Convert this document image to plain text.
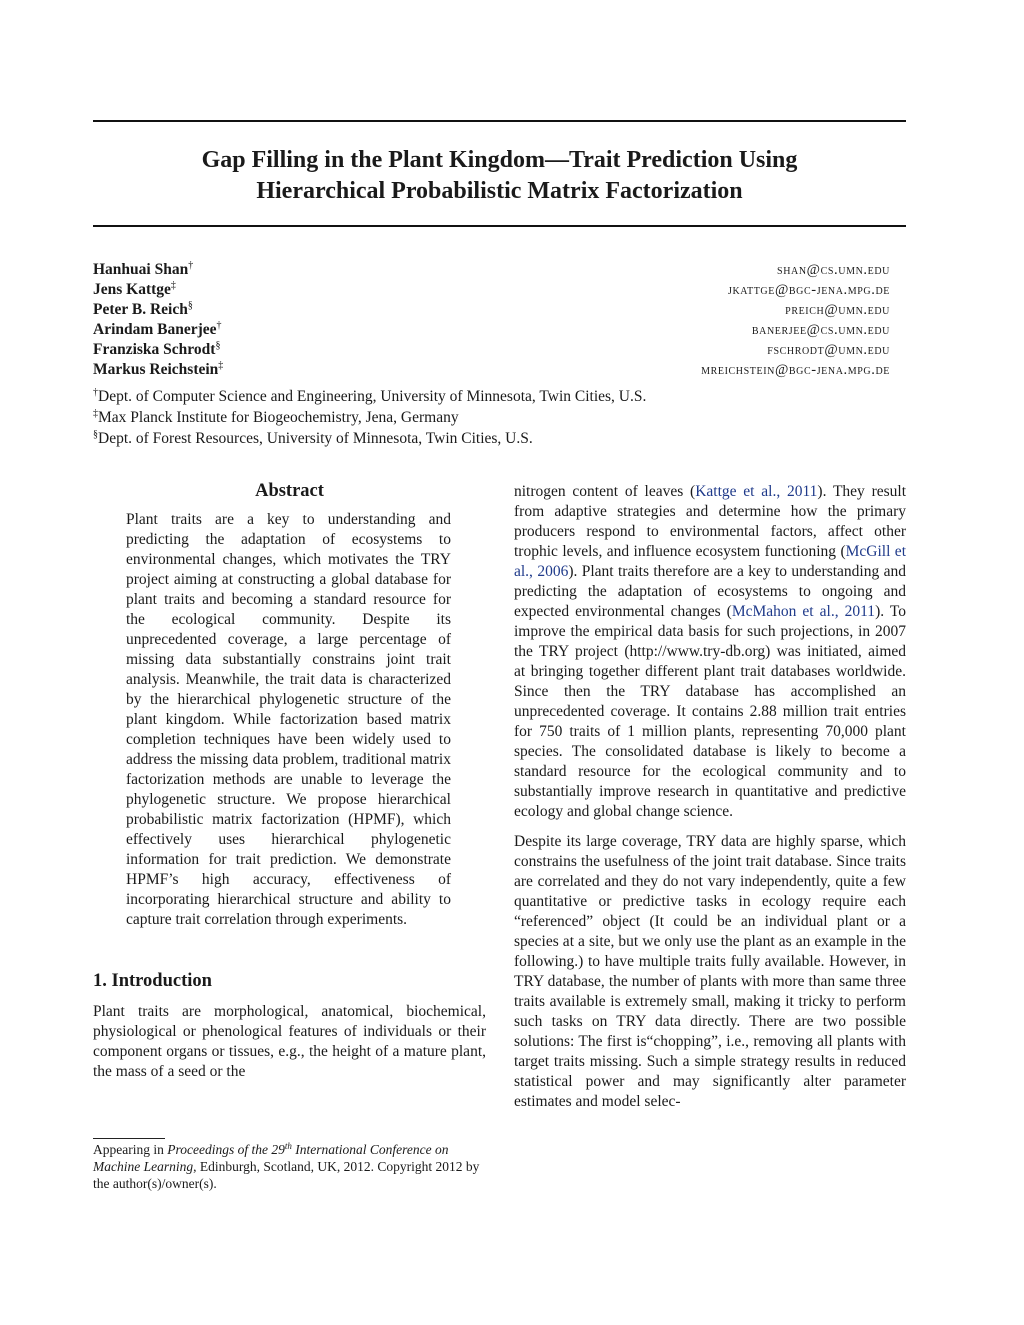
Gap Filling in the Plant Kingdom—Trait Prediction Using
Hierarchical Probabilistic Matrix Factorization
Hanhuai Shan†	shan@cs.umn.edu
Jens Kattge‡	jkattge@bgc-jena.mpg.de
Peter B. Reich§	preich@umn.edu
Arindam Banerjee†	banerjee@cs.umn.edu
Franziska Schrodt§	fschrodt@umn.edu
Markus Reichstein‡	mreichstein@bgc-jena.mpg.de
†Dept. of Computer Science and Engineering, University of Minnesota, Twin Cities, U.S.
‡Max Planck Institute for Biogeochemistry, Jena, Germany
§Dept. of Forest Resources, University of Minnesota, Twin Cities, U.S.
Abstract

Plant traits are a key to understanding and predicting the adaptation of ecosystems to environmental changes, which motivates the TRY project aiming at constructing a global database for plant traits and becoming a standard resource for the ecological community. Despite its unprecedented coverage, a large percentage of missing data substantially constrains joint trait analysis. Meanwhile, the trait data is characterized by the hierarchical phylogenetic structure of the plant kingdom. While factorization based matrix completion techniques have been widely used to address the missing data problem, traditional matrix factorization methods are unable to leverage the phylogenetic structure. We propose hierarchical probabilistic matrix factorization (HPMF), which effectively uses hierarchical phylogenetic information for trait prediction. We demonstrate HPMF’s high accuracy, effectiveness of incorporating hierarchical structure and ability to capture trait correlation through experiments.

1. Introduction

Plant traits are morphological, anatomical, biochemical, physiological or phenological features of individuals or their component organs or tissues, e.g., the height of a mature plant, the mass of a seed or the

Appearing in Proceedings of the 29th International Conference on Machine Learning, Edinburgh, Scotland, UK, 2012. Copyright 2012 by the author(s)/owner(s).

nitrogen content of leaves (Kattge et al., 2011). They result from adaptive strategies and determine how the primary producers respond to environmental factors, affect other trophic levels, and influence ecosystem functioning (McGill et al., 2006). Plant traits therefore are a key to understanding and predicting the adaptation of ecosystems to ongoing and expected environmental changes (McMahon et al., 2011). To improve the empirical data basis for such projections, in 2007 the TRY project (http://www.try-db.org) was initiated, aimed at bringing together different plant trait databases worldwide. Since then the TRY database has accomplished an unprecedented coverage. It contains 2.88 million trait entries for 750 traits of 1 million plants, representing 70,000 plant species. The consolidated database is likely to become a standard resource for the ecological community and to substantially improve research in quantitative and predictive ecology and global change science.

Despite its large coverage, TRY data are highly sparse, which constrains the usefulness of the joint trait database. Since traits are correlated and they do not vary independently, quite a few quantitative or predictive tasks in ecology require each “referenced” object (It could be an individual plant or a species at a site, but we only use the plant as an example in the following.) to have multiple traits fully available. However, in TRY database, the number of plants with more than same three traits available is extremely small, making it tricky to perform such tasks on TRY data directly. There are two possible solutions: The first is“chopping”, i.e., removing all plants with target traits missing. Such a simple strategy results in reduced statistical power and may significantly alter parameter estimates and model selec-
